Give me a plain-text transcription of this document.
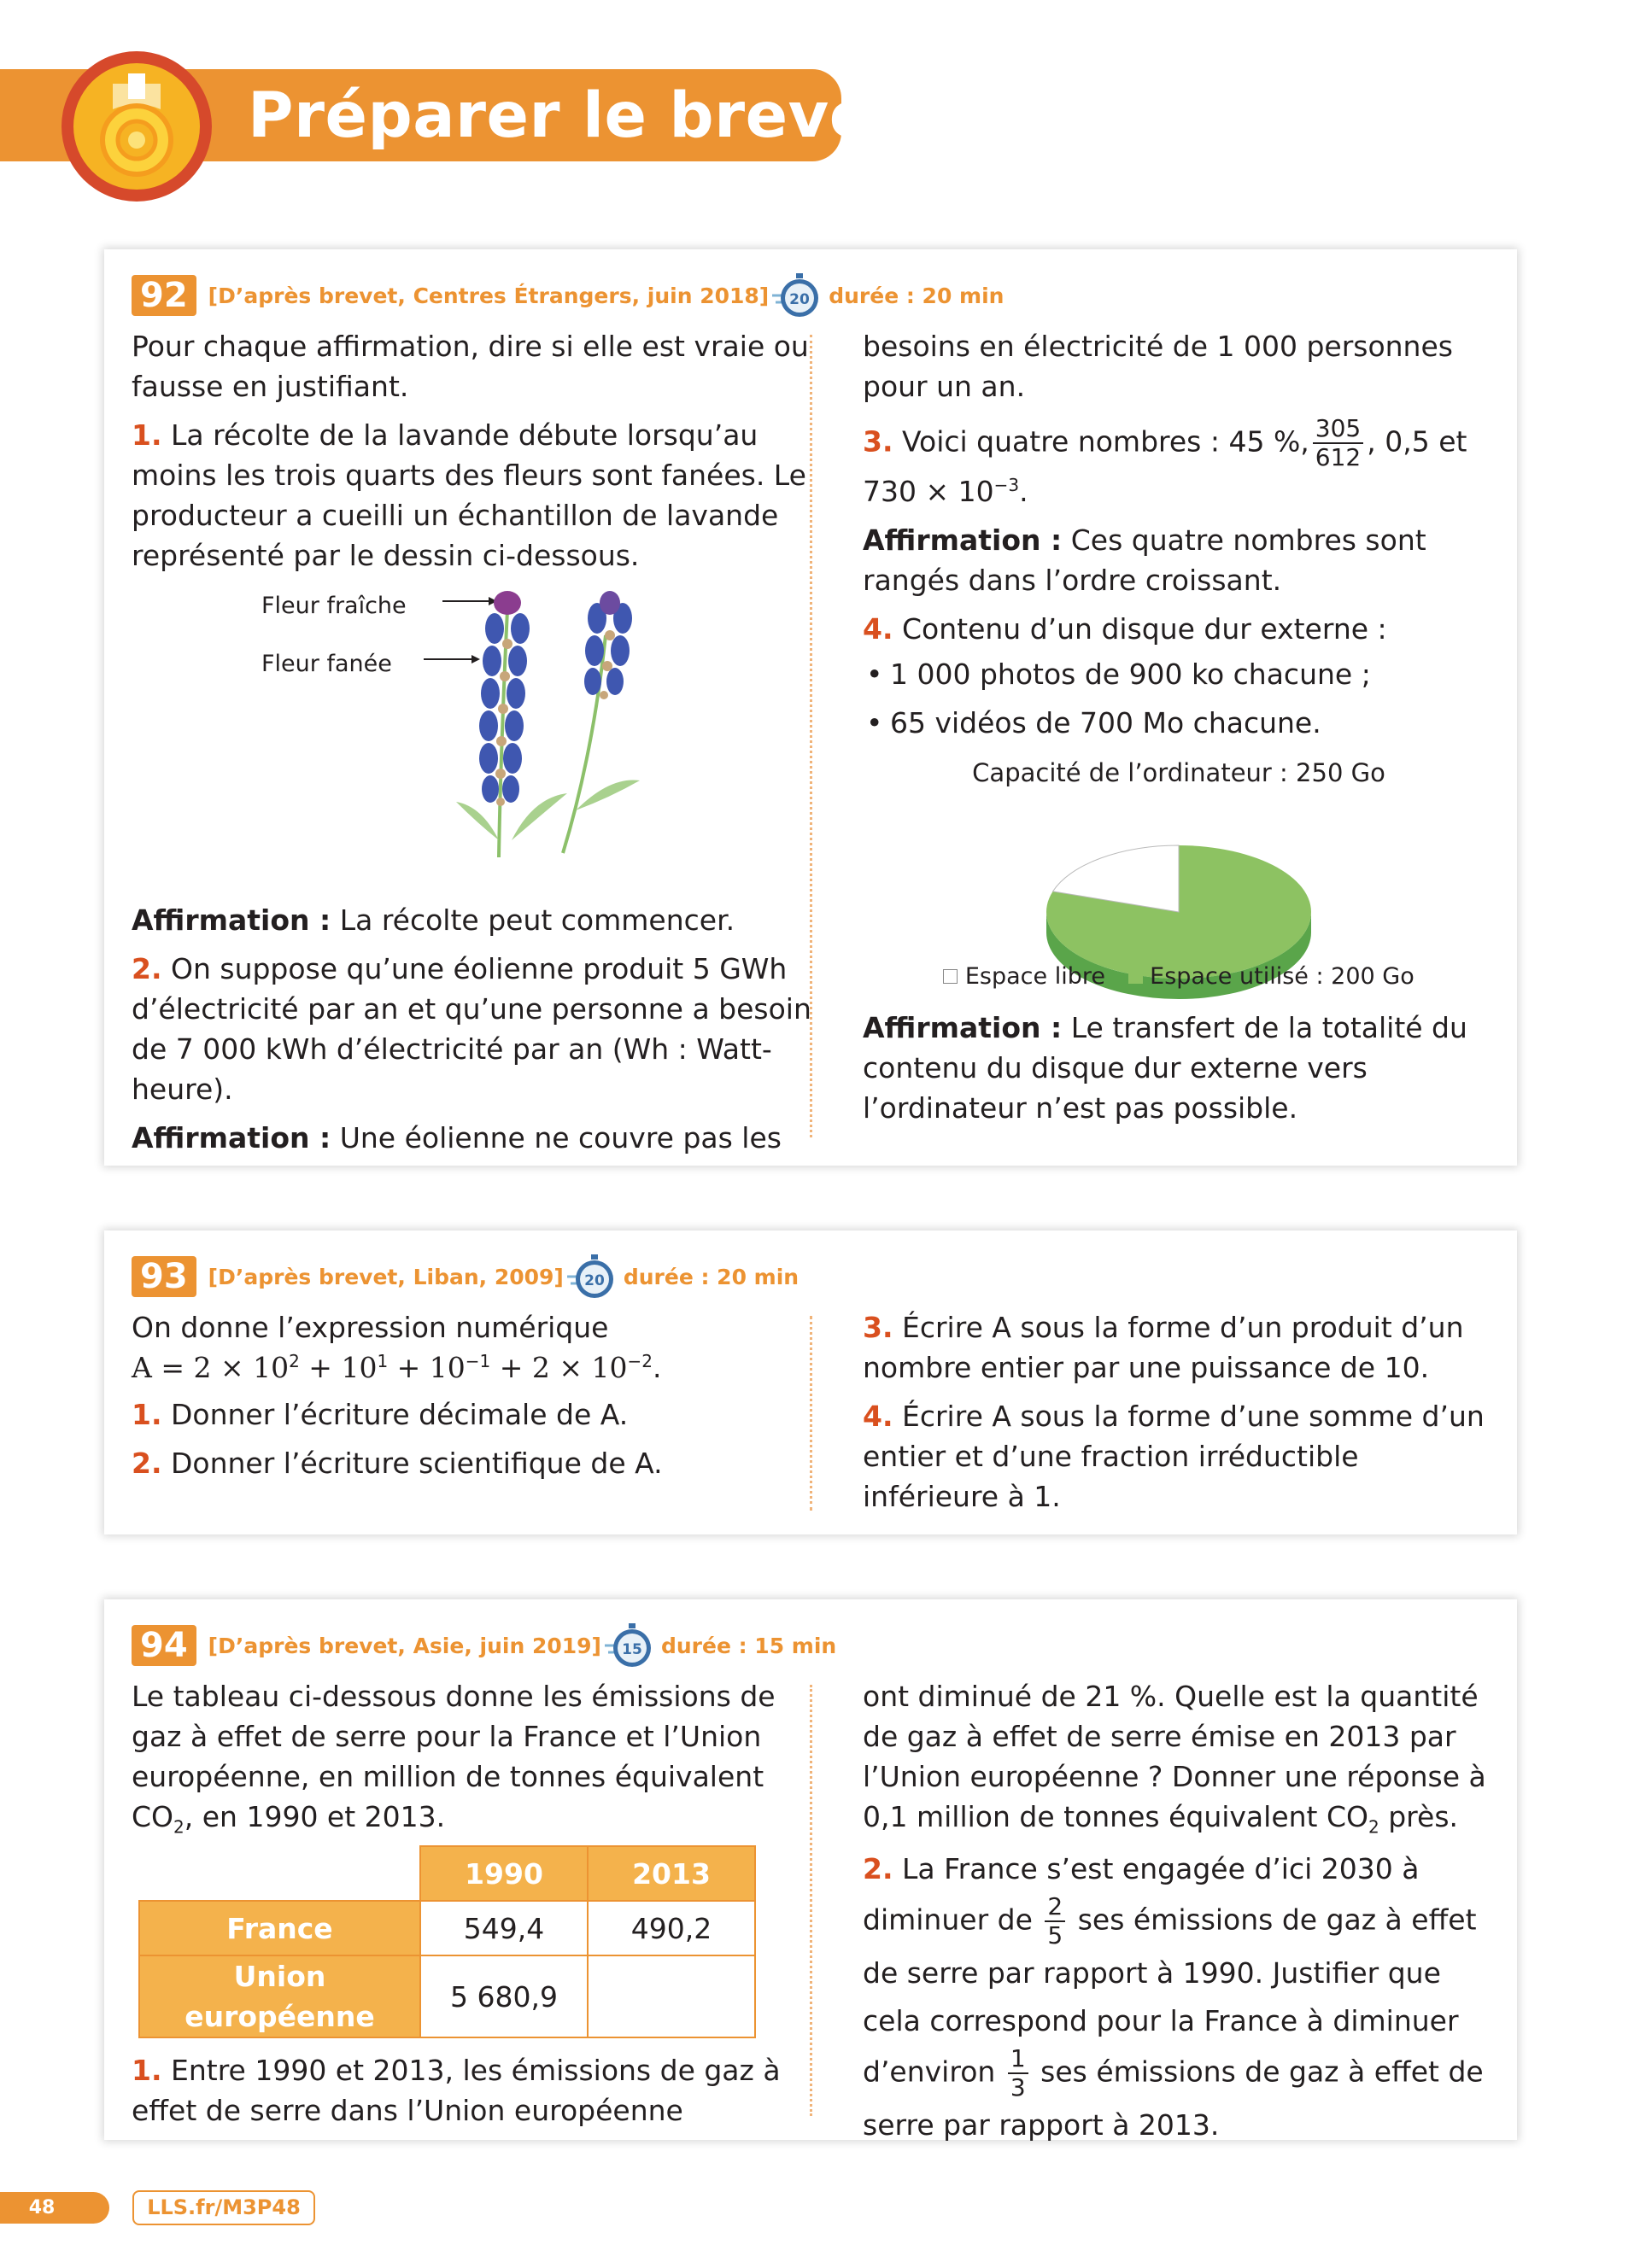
Préparer le brevet
92 [D’après brevet, Centres Étrangers, juin 2018] 20 durée : 20 min

Pour chaque affirmation, dire si elle est vraie ou fausse en justifiant.

1. La récolte de la lavande débute lorsqu’au moins les trois quarts des fleurs sont fanées. Le producteur a cueilli un échantillon de lavande représenté par le dessin ci-dessous.

Fleur fraîche
Fleur fanée

Affirmation : La récolte peut commencer.

2. On suppose qu’une éolienne produit 5 GWh d’électricité par an et qu’une personne a besoin de 7 000 kWh d’électricité par an (Wh : Watt-heure).

Affirmation : Une éolienne ne couvre pas les

besoins en électricité de 1 000 personnes pour un an.

3. Voici quatre nombres : 45 %, $\frac{305}{612}$ , 0,5 et
$730 \times 10^{-3}$.

Affirmation : Ces quatre nombres sont rangés dans l’ordre croissant.

4. Contenu d’un disque dur externe :

• 1 000 photos de 900 ko chacune ;
• 65 vidéos de 700 Mo chacune.
Capacité de l’ordinateur : 250 Go
Espace libre Espace utilisé : 200 Go

Affirmation : Le transfert de la totalité du contenu du disque dur externe vers l’ordinateur n’est pas possible.

93 [D’après brevet, Liban, 2009] 20 durée : 20 min

On donne l’expression numérique
$A = 2 \times 10^2 + 10^1 + 10^{-1} + 2 \times 10^{-2}$.

1. Donner l’écriture décimale de A.

2. Donner l’écriture scientifique de A.

3. Écrire A sous la forme d’un produit d’un nombre entier par une puissance de 10.

4. Écrire A sous la forme d’une somme d’un entier et d’une fraction irréductible inférieure à 1.

94 [D’après brevet, Asie, juin 2019] 15 durée : 15 min

Le tableau ci-dessous donne les émissions de gaz à effet de serre pour la France et l’Union européenne, en million de tonnes équivalent $CO_2$, en 1990 et 2013.

	1990	2013
France	549,4	490,2
Union européenne	5 680,9	

1. Entre 1990 et 2013, les émissions de gaz à effet de serre dans l’Union européenne

ont diminué de 21 %. Quelle est la quantité de gaz à effet de serre émise en 2013 par l’Union européenne ? Donner une réponse à 0,1 million de tonnes équivalent $CO_2$ près.

2. La France s’est engagée d’ici 2030 à diminuer de $\frac{2}{5}$ ses émissions de gaz à effet de serre par rapport à 1990. Justifier que cela correspond pour la France à diminuer d’environ $\frac{1}{3}$ ses émissions de gaz à effet de serre par rapport à 2013.

48	LLS.fr/M3P48
